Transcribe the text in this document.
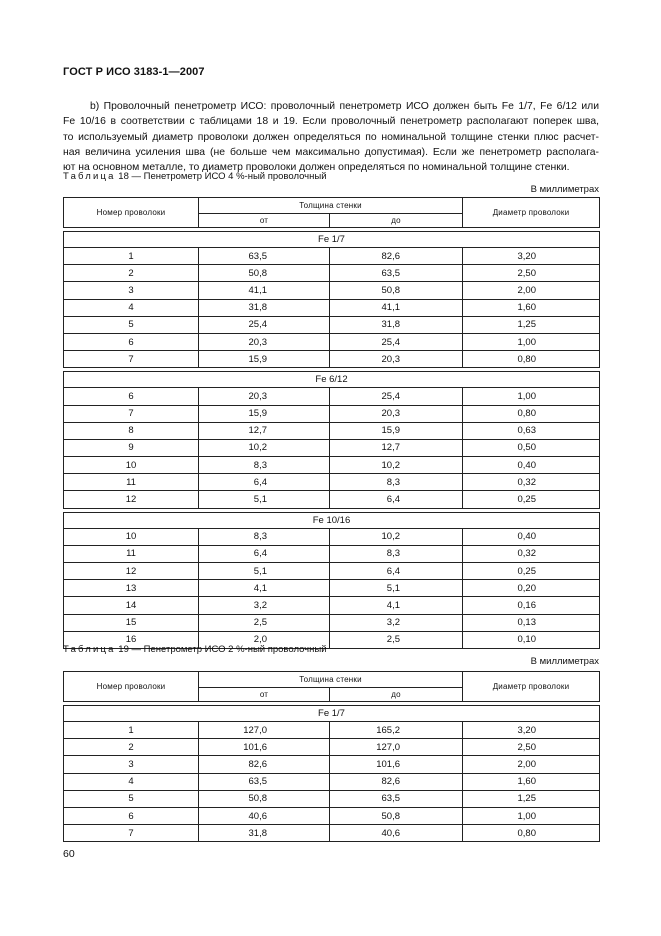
ГОСТ Р ИСО 3183-1—2007

b) Проволочный пенетрометр ИСО: проволочный пенетрометр ИСО должен быть Fe 1/7, Fe 6/12 или
Fe 10/16 в соответствии с таблицами 18 и 19. Если проволочный пенетрометр располагают поперек шва,
то используемый диаметр проволоки должен определяться по номинальной толщине стенки плюс расчет-
ная величина усиления шва (не больше чем максимально допустимая). Если же пенетрометр располага-
ют на основном металле, то диаметр проволоки должен определяться по номинальной толщине стенки.

Таблица 18 — Пенетрометр ИСО 4 %-ный проволочный
В миллиметрах
Номер проволоки	Толщина стенки		Диаметр проволоки
	от	до	

Fe 1/7			
1	63,5	82,6	3,20
2	50,8	63,5	2,50
3	41,1	50,8	2,00
4	31,8	41,1	1,60
5	25,4	31,8	1,25
6	20,3	25,4	1,00
7	15,9	20,3	0,80

Fe 6/12			
6	20,3	25,4	1,00
7	15,9	20,3	0,80
8	12,7	15,9	0,63
9	10,2	12,7	0,50
10	8,3	10,2	0,40
11	6,4	8,3	0,32
12	5,1	6,4	0,25

Fe 10/16			
10	8,3	10,2	0,40
11	6,4	8,3	0,32
12	5,1	6,4	0,25
13	4,1	5,1	0,20
14	3,2	4,1	0,16
15	2,5	3,2	0,13
16	2,0	2,5	0,10
Таблица 19 — Пенетрометр ИСО 2 %-ный проволочный
В миллиметрах
Номер проволоки	Толщина стенки		Диаметр проволоки
	от	до	

Fe 1/7			
1	127,0	165,2	3,20
2	101,6	127,0	2,50
3	82,6	101,6	2,00
4	63,5	82,6	1,60
5	50,8	63,5	1,25
6	40,6	50,8	1,00
7	31,8	40,6	0,80
60
